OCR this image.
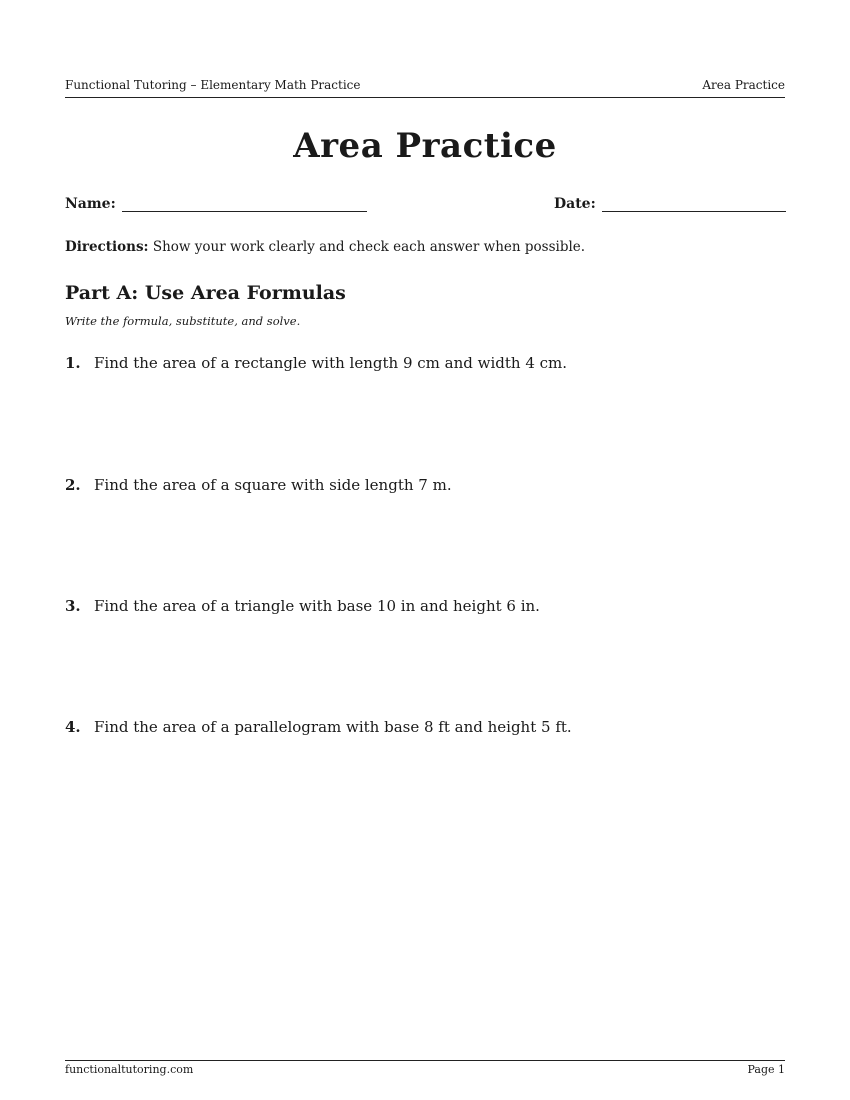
Functional Tutoring – Elementary Math Practice	Area Practice
Area Practice
Name:	Date:
Directions: Show your work clearly and check each answer when possible.
Part A: Use Area Formulas
Write the formula, substitute, and solve.
1. Find the area of a rectangle with length 9 cm and width 4 cm.
2. Find the area of a square with side length 7 m.
3. Find the area of a triangle with base 10 in and height 6 in.
4. Find the area of a parallelogram with base 8 ft and height 5 ft.
functionaltutoring.com	Page 1
